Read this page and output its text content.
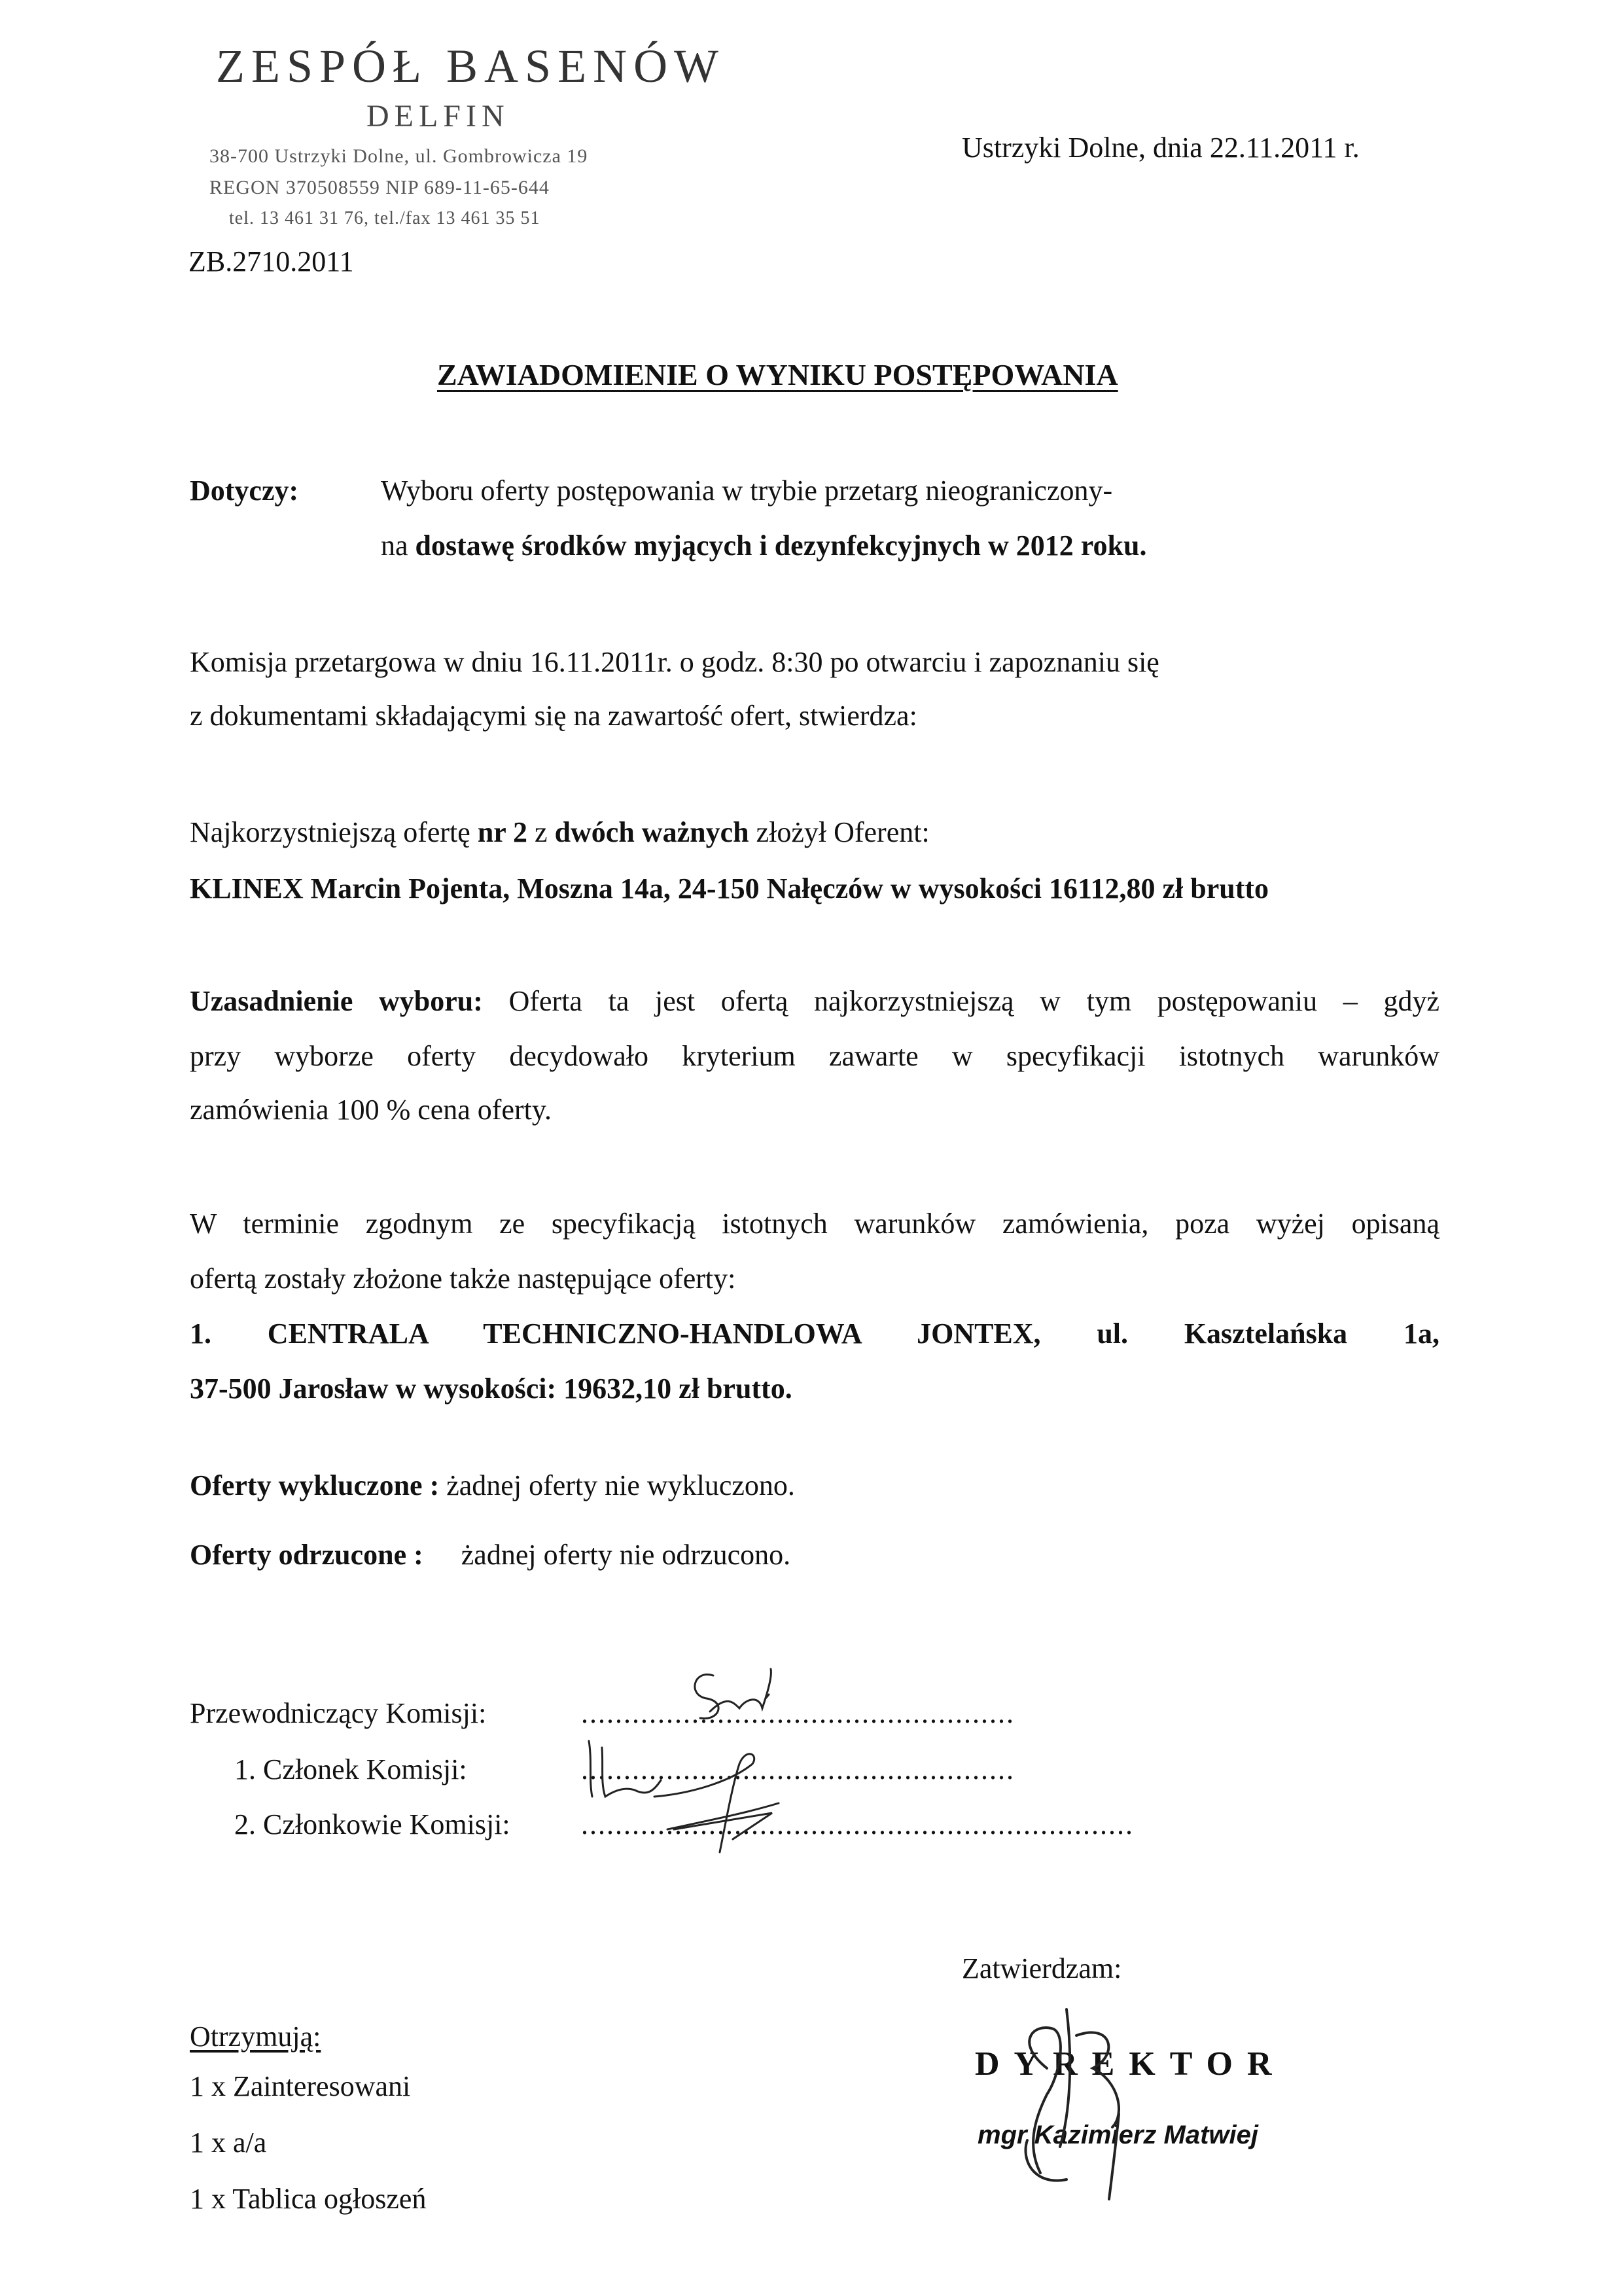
ZESPÓŁ BASENÓW
DELFIN
38-700 Ustrzyki Dolne, ul. Gombrowicza 19
REGON 370508559 NIP 689-11-65-644
tel. 13 461 31 76, tel./fax 13 461 35 51
Ustrzyki Dolne, dnia 22.11.2011 r.
ZB.2710.2011
ZAWIADOMIENIE O WYNIKU POSTĘPOWANIA
Dotyczy:	Wyboru oferty postępowania w trybie przetarg nieograniczony-
na dostawę środków myjących i dezynfekcyjnych w 2012 roku.
Komisja przetargowa w dniu 16.11.2011r. o godz. 8:30 po otwarciu i zapoznaniu się
z dokumentami składającymi się na zawartość ofert, stwierdza:
Najkorzystniejszą ofertę nr 2 z dwóch ważnych złożył Oferent:
KLINEX Marcin Pojenta, Moszna 14a, 24-150 Nałęczów w wysokości 16112,80 zł brutto
Uzasadnienie wyboru: Oferta ta jest ofertą najkorzystniejszą w tym postępowaniu – gdyż
przy wyborze oferty decydowało kryterium zawarte w specyfikacji istotnych warunków
zamówienia 100 % cena oferty.
W terminie zgodnym ze specyfikacją istotnych warunków zamówienia, poza wyżej opisaną
ofertą zostały złożone także następujące oferty:
1. CENTRALA TECHNICZNO-HANDLOWA JONTEX, ul. Kasztelańska 1a,
37-500 Jarosław w wysokości: 19632,10 zł brutto.
Oferty wykluczone : żadnej oferty nie wykluczono.
Oferty odrzucone : żadnej oferty nie odrzucono.
Przewodniczący Komisji:	...................................................
1. Członek Komisji:	...................................................
2. Członkowie Komisji: .................................................................
Zatwierdzam:
DYREKTOR
mgr Kazimierz Matwiej
Otrzymują:
1 x Zainteresowani
1 x a/a
1 x Tablica ogłoszeń
